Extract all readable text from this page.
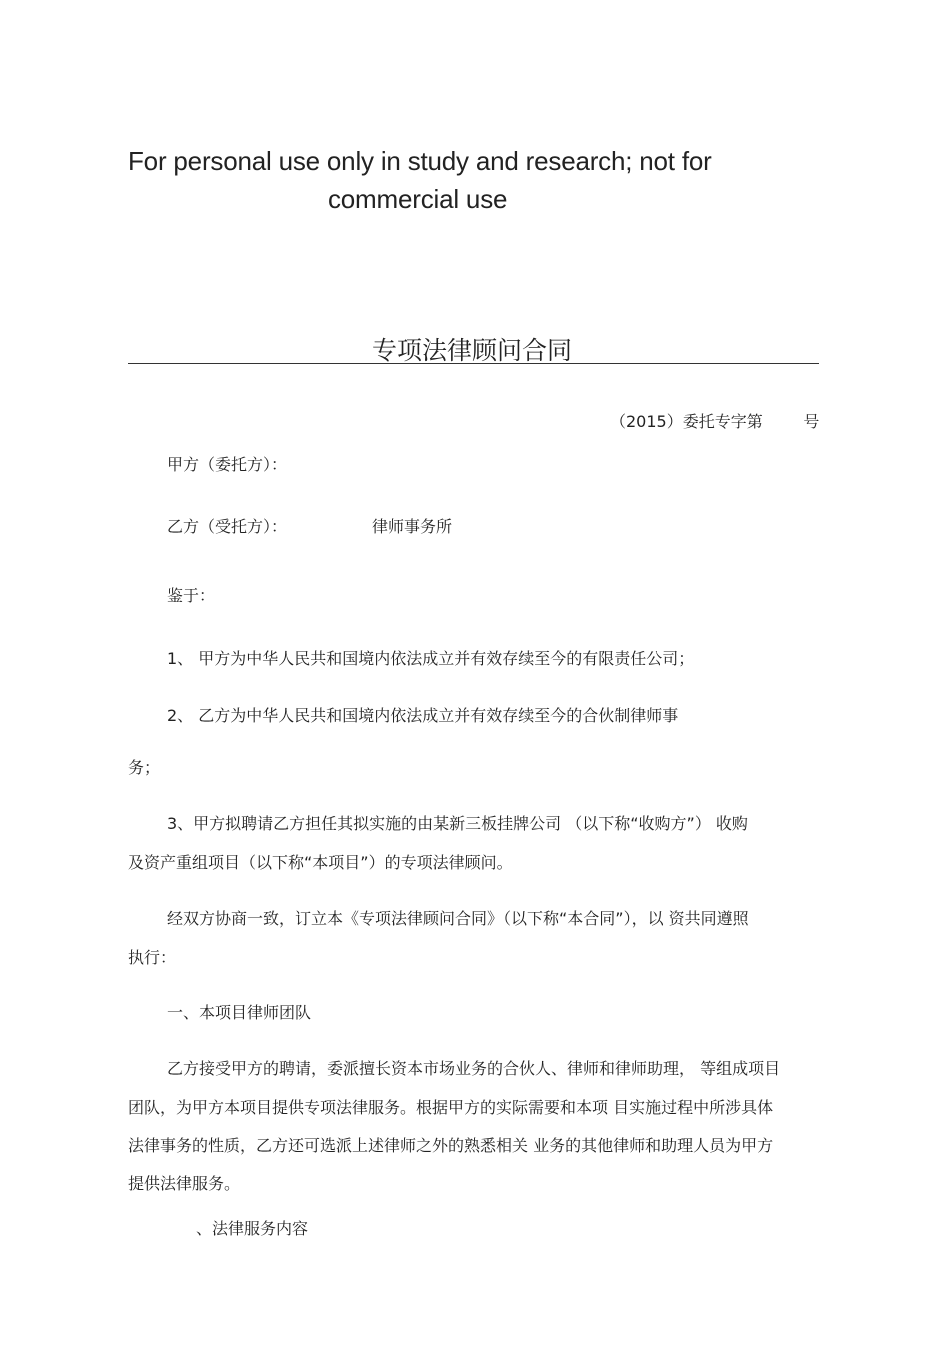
For personal use only in study and research; not for
commercial use
专项法律顾问合同
（2015）委托专字第        号
甲方（委托方）：
乙方（受托方）：	律师事务所
鉴于：
1、 甲方为中华人民共和国境内依法成立并有效存续至今的有限责任公司；
2、 乙方为中华人民共和国境内依法成立并有效存续至今的合伙制律师事
务；
3、甲方拟聘请乙方担任其拟实施的由某新三板挂牌公司 （以下称“收购方”） 收购
及资产重组项目（以下称“本项目”）的专项法律顾问。
经双方协商一致，订立本《专项法律顾问合同》（以下称“本合同”），以 资共同遵照
执行：
一、本项目律师团队
乙方接受甲方的聘请，委派擅长资本市场业务的合伙人、律师和律师助理， 等组成项目
团队，为甲方本项目提供专项法律服务。根据甲方的实际需要和本项 目实施过程中所涉具体
法律事务的性质，乙方还可选派上述律师之外的熟悉相关 业务的其他律师和助理人员为甲方
提供法律服务。
、法律服务内容
